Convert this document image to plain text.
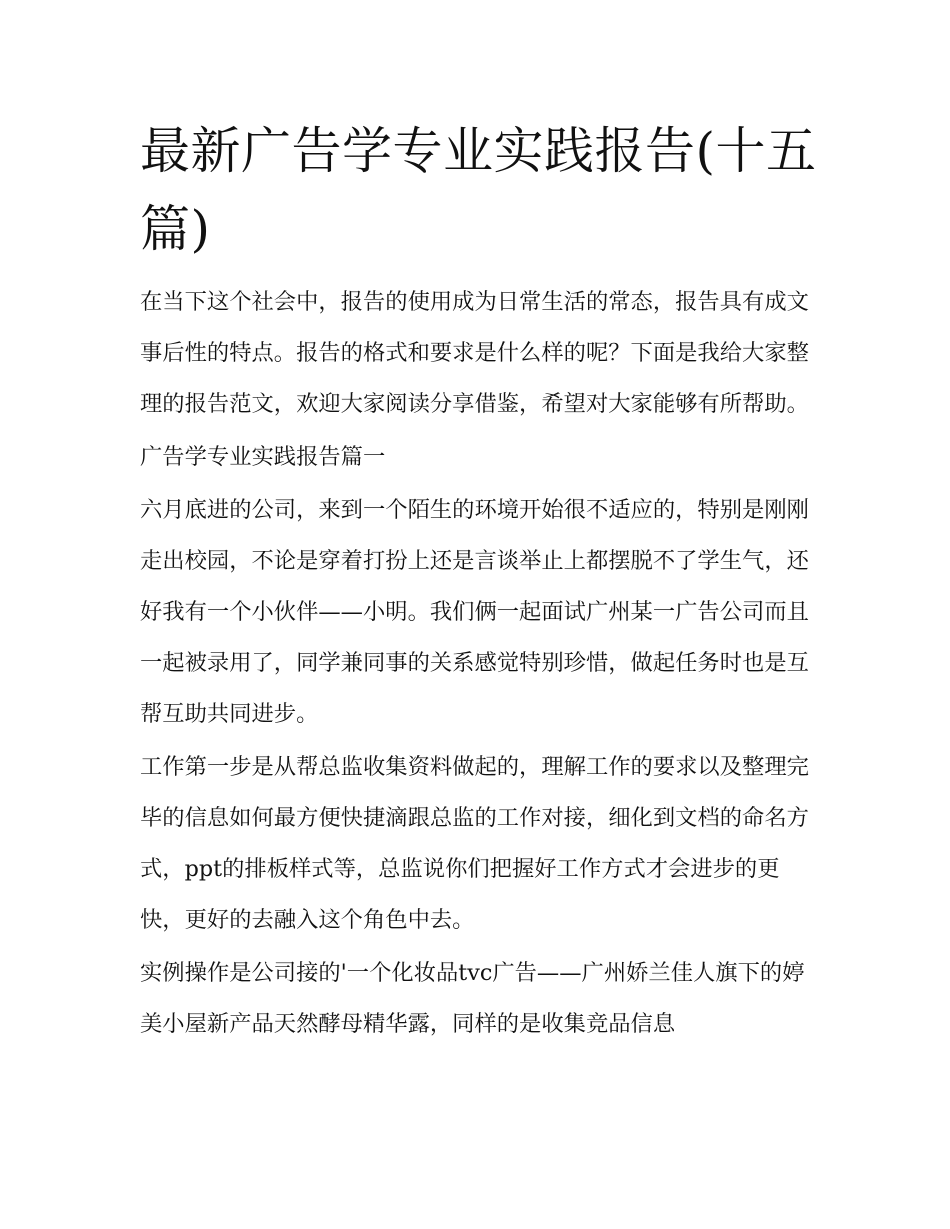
最新广告学专业实践报告(十五篇)

在当下这个社会中，报告的使用成为日常生活的常态，报告具有成文事后性的特点。报告的格式和要求是什么样的呢？下面是我给大家整理的报告范文，欢迎大家阅读分享借鉴，希望对大家能够有所帮助。

广告学专业实践报告篇一

六月底进的公司，来到一个陌生的环境开始很不适应的，特别是刚刚走出校园，不论是穿着打扮上还是言谈举止上都摆脱不了学生气，还好我有一个小伙伴——小明。我们俩一起面试广州某一广告公司而且一起被录用了，同学兼同事的关系感觉特别珍惜，做起任务时也是互帮互助共同进步。

工作第一步是从帮总监收集资料做起的，理解工作的要求以及整理完毕的信息如何最方便快捷滴跟总监的工作对接，细化到文档的命名方式，ppt的排板样式等，总监说你们把握好工作方式才会进步的更快，更好的去融入这个角色中去。

实例操作是公司接的'一个化妆品tvc广告——广州娇兰佳人旗下的婷美小屋新产品天然酵母精华露，同样的是收集竞品信息
